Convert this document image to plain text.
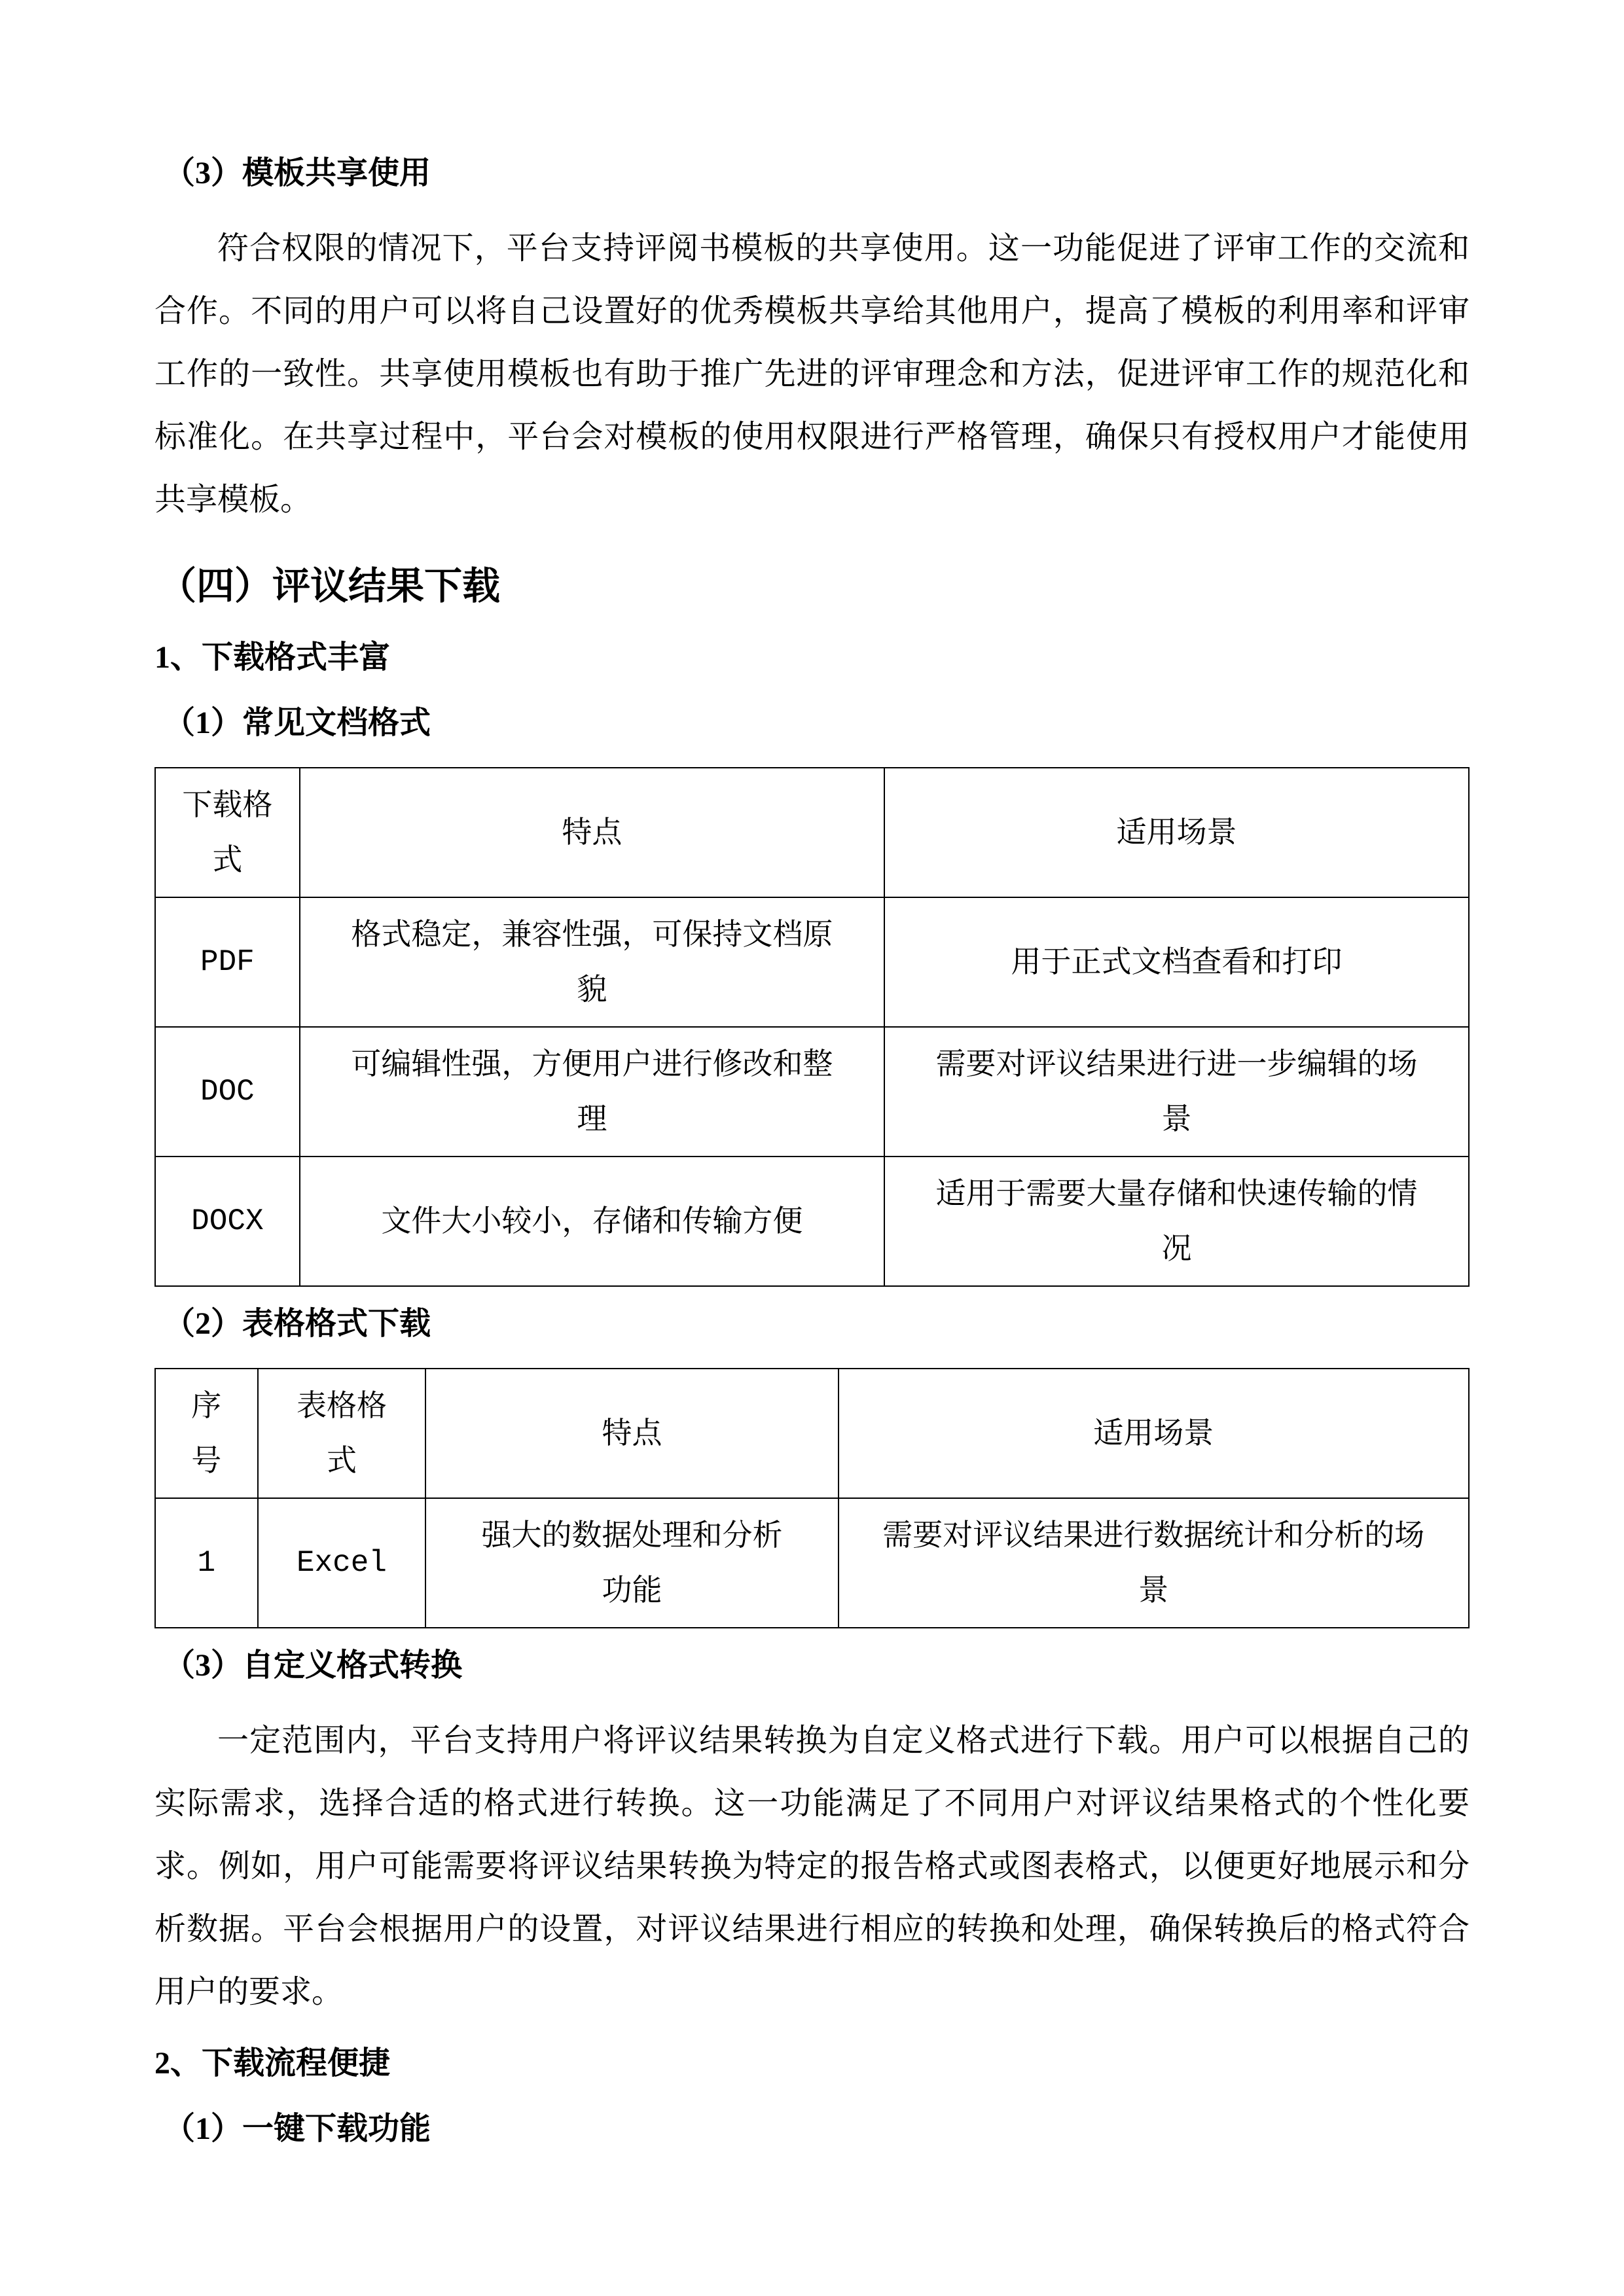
（3）模板共享使用

符合权限的情况下，平台支持评阅书模板的共享使用。这一功能促进了评审工作的交流和合作。不同的用户可以将自己设置好的优秀模板共享给其他用户，提高了模板的利用率和评审工作的一致性。共享使用模板也有助于推广先进的评审理念和方法，促进评审工作的规范化和标准化。在共享过程中，平台会对模板的使用权限进行严格管理，确保只有授权用户才能使用共享模板。

（四）评议结果下载
1、下载格式丰富
（1）常见文档格式
下载格式	特点	适用场景
PDF	格式稳定，兼容性强，可保持文档原貌	用于正式文档查看和打印
DOC	可编辑性强，方便用户进行修改和整理	需要对评议结果进行进一步编辑的场景
DOCX	文件大小较小，存储和传输方便	适用于需要大量存储和快速传输的情况
（2）表格格式下载
序号	表格格式	特点	适用场景
1	Excel	强大的数据处理和分析功能	需要对评议结果进行数据统计和分析的场景
（3）自定义格式转换

一定范围内，平台支持用户将评议结果转换为自定义格式进行下载。用户可以根据自己的实际需求，选择合适的格式进行转换。这一功能满足了不同用户对评议结果格式的个性化要求。例如，用户可能需要将评议结果转换为特定的报告格式或图表格式，以便更好地展示和分析数据。平台会根据用户的设置，对评议结果进行相应的转换和处理，确保转换后的格式符合用户的要求。

2、下载流程便捷
（1）一键下载功能
